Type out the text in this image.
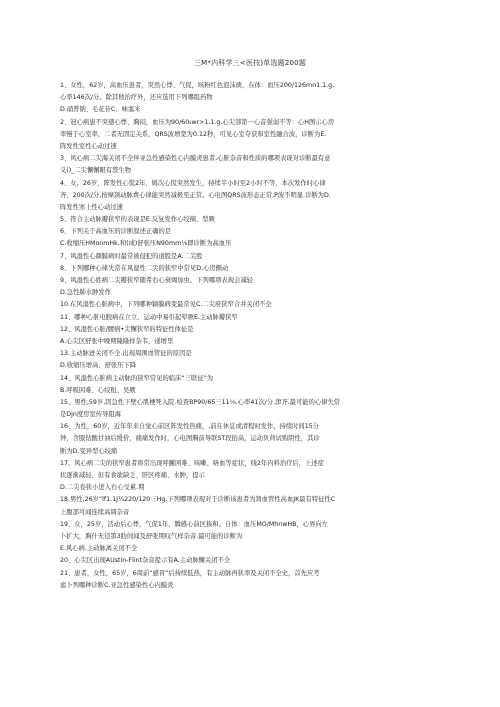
三M*内科学三<医技)单选题200题
1、女性，62岁，高血压患者，突然心悸、气促，咳粉红色泡沫痰，在体：血压200/126mn1.1.g,
心率146次/分。除其他治疗外，还应选用下列哪组药物
D.硝普钠、毛花苷C、味塞米
2、冠心病患不突感心悸、胸闷，血压为90/60ιwr>1.1.g.心尖部第一心音强弱不等：心H图示心房
率慢于心室率，二者无固定关系，QRS波增宽为0.12秒，可见心室夺获和室性融合波，诊断为E.
阵发性室性心动过速
3、风心病二尖海关闭不全伴亚急性感染性心内膜炎患者,心脏杂音和性质的哪项表现对诊断最有意
义()_二尖懈懈眼有赘生物
4、女，26岁，阵发性心慌2年，姆次心慌突然发生，持续半小时至2小时不等，本次发作时心律
齐，200次/分,按摩颈动脉费心律能突然减极至正常。心电图QRS波形态正常,P波不明显.诊断为D.
阵发性寒上性心动过速
5、符合主动脉瓣狭窄的表现是E.反复发作心绞摘、型厥
6、下列关于高血压的诊断叙述正确的是
C.收缩压HMonmHk,和(或)舒张压N90mm⅛即诊断为高血压
7、风湿性心颜膜病时最常被侵犯的道股是A.二尖股
8、下列哪种心律失常在风湿性二尖的狭窄中常见D.心房颤动
9、风湿性心姓病二尖瓣狭窄随希右心衰竭加虫，下列哪项表现会减轻
D.急性肺水肿发作
10.在风湿性心脏病中，下列哪种颖膜病变最常见C.二尖府狭窄合并关闭不全
11、哪种心脏电脱病在立立、运动中易引起晕厥E.主动脉瓣狭窄
12、风湿性心脏/腰病•尖懈狭窄的特征性体征是
A.心尖区舒张中晚期隆隆样杂韦，递增里
13.主动脉迸关闭不全.出现周围血管征的原因是
D.收缩压增高、舒张压下降
14、风湿性心脏病主动脉的狭窄常见的临床“三联征”为
B.呼吸困难、心绞租、吴厥
15、男性,59岁,因急性下壁心肌梗死入院.检查BP90/65三11⅛.心率41次/分.津齐.最可能的心律失常
是Djn度房室传导阻海
16、为性，60岁，近年年来自觉心前区阵发性热痛，,前在休息或清程时发作，持续时间15分
钟，含服钻酸甘油后缓价，痛痛发作时，心电图胸前导联ST段抬高，运动负荷试购阴性，其诊
断为D.变异型心绞痛
17、风心病二尖的狭窄患者将常出现呼臃困难、咳嗽、咯血等症状，线2年内料治疗后，上述症
状逐渐减轻，但有食欲缺乏、肝区疼痛、水肿，提示
D.二尖卷狭小进入右心受累.期
18.男性,26岁“lf1.1J¼220/120三Hg,下列哪项表现对于诊断该患者为肾血管性高血JK最有特征性C
上腹部可闻连续高调杂音
19、女，25岁，活动后心悸，气促1年，腾感心前区揍和。自体：血压MO/MhnwHB，心界向左
卜扩大，胸什无径第3肋间闻及舒张期叹气样杂音.最可能的诊断为
E.风心病.主动脉离关闭不全
20、心尖区出现AUstin-Flint杂音提示有A.主动脉懈关闭不全
21、患者，女性，65岁，6周前“感冒”后持续低热，有主动脉再狭率及关闭不全史，首先应考
虑卜列哪种诊断C.亚急性感染性心内膜炎
